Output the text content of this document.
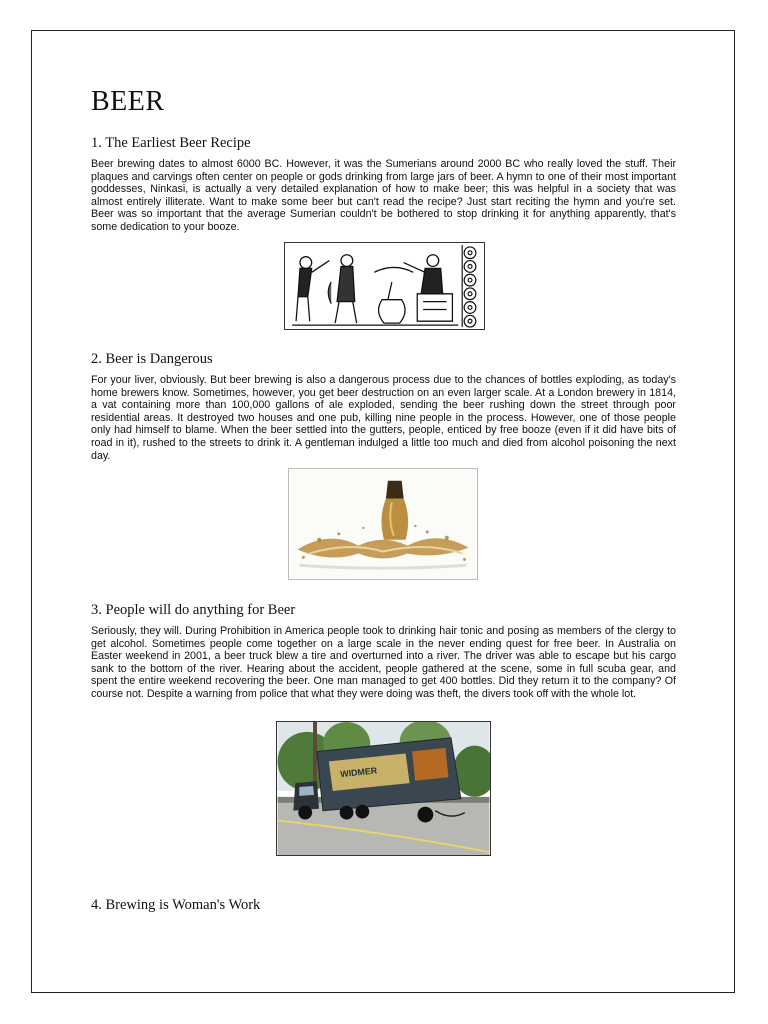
BEER
1. The Earliest Beer Recipe

Beer brewing dates to almost 6000 BC. However, it was the Sumerians around 2000 BC who really loved the stuff. Their plaques and carvings often center on people or gods drinking from large jars of beer. A hymn to one of their most important goddesses, Ninkasi, is actually a very detailed explanation of how to make beer; this was helpful in a society that was almost entirely illiterate. Want to make some beer but can't read the recipe? Just start reciting the hymn and you're set. Beer was so important that the average Sumerian couldn't be bothered to stop drinking it for anything apparently, that's some dedication to your booze.

2. Beer is Dangerous

For your liver, obviously. But beer brewing is also a dangerous process due to the chances of bottles exploding, as today's home brewers know. Sometimes, however, you get beer destruction on an even larger scale. At a London brewery in 1814, a vat containing more than 100,000 gallons of ale exploded, sending the beer rushing down the street through poor residential areas. It destroyed two houses and one pub, killing nine people in the process. However, one of those people only had himself to blame. When the beer settled into the gutters, people, enticed by free booze (even if it did have bits of road in it), rushed to the streets to drink it. A gentleman indulged a little too much and died from alcohol poisoning the next day.

3. People will do anything for Beer

Seriously, they will. During Prohibition in America people took to drinking hair tonic and posing as members of the clergy to get alcohol. Sometimes people come together on a large scale in the never ending quest for free beer. In Australia on Easter weekend in 2001, a beer truck blew a tire and overturned into a river. The driver was able to escape but his cargo sank to the bottom of the river. Hearing about the accident, people gathered at the scene, some in full scuba gear, and spent the entire weekend recovering the beer. One man managed to get 400 bottles. Did they return it to the company? Of course not. Despite a warning from police that what they were doing was theft, the divers took off with the whole lot.

WIDMER
4. Brewing is Woman's Work
